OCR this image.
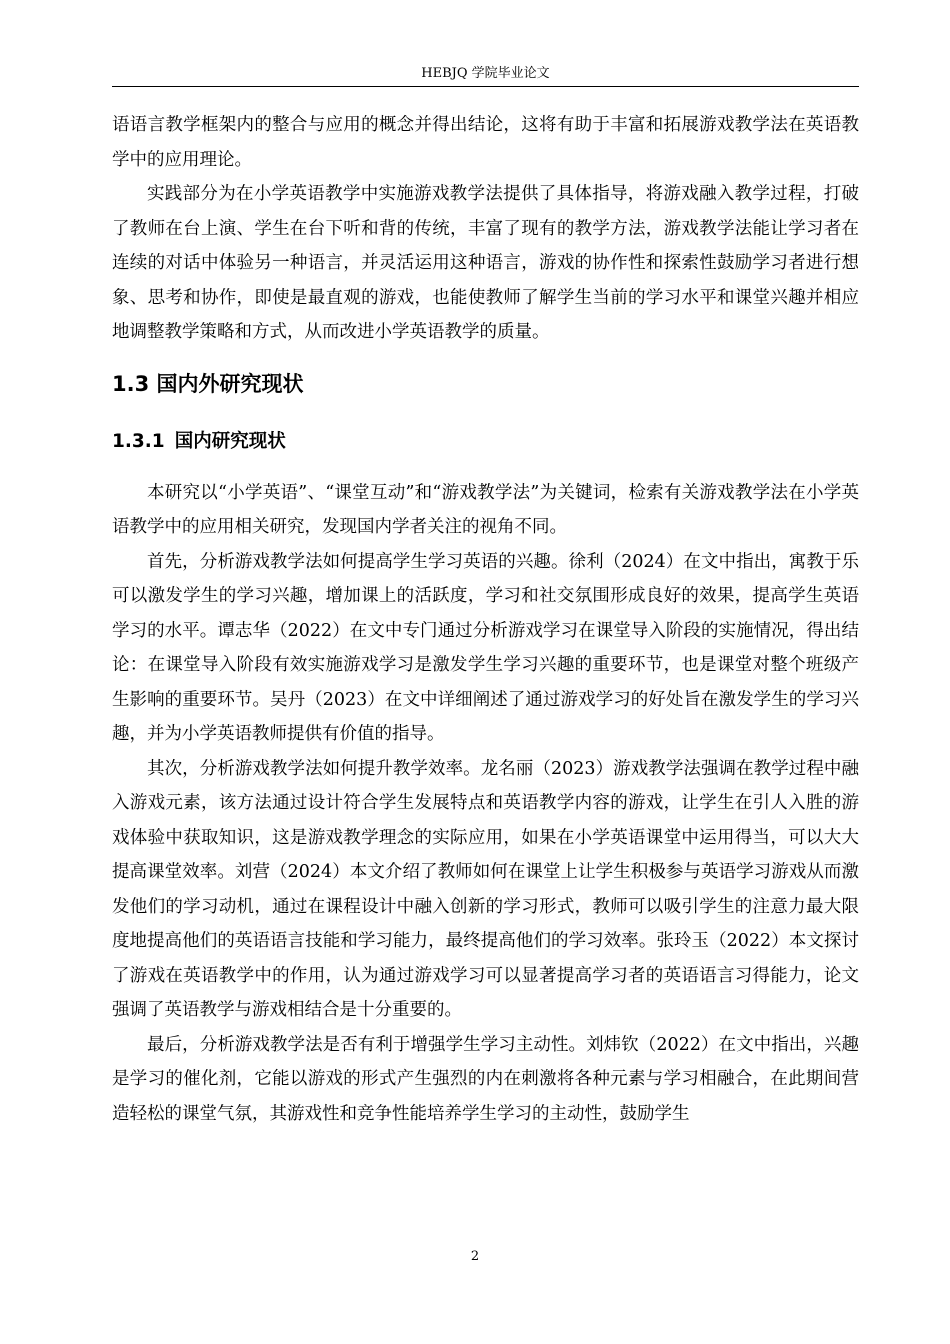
HEBJQ 学院毕业论文

语语言教学框架内的整合与应用的概念并得出结论，这将有助于丰富和拓展游戏教学法在英语教学中的应用理论。

实践部分为在小学英语教学中实施游戏教学法提供了具体指导，将游戏融入教学过程，打破了教师在台上演、学生在台下听和背的传统，丰富了现有的教学方法，游戏教学法能让学习者在连续的对话中体验另一种语言，并灵活运用这种语言，游戏的协作性和探索性鼓励学习者进行想象、思考和协作，即使是最直观的游戏，也能使教师了解学生当前的学习水平和课堂兴趣并相应地调整教学策略和方式，从而改进小学英语教学的质量。

1.3 国内外研究现状
1.3.1 国内研究现状

本研究以“小学英语”、“课堂互动”和“游戏教学法”为关键词，检索有关游戏教学法在小学英语教学中的应用相关研究，发现国内学者关注的视角不同。

首先，分析游戏教学法如何提高学生学习英语的兴趣。徐利（2024）在文中指出，寓教于乐可以激发学生的学习兴趣，增加课上的活跃度，学习和社交氛围形成良好的效果，提高学生英语学习的水平。谭志华（2022）在文中专门通过分析游戏学习在课堂导入阶段的实施情况，得出结论：在课堂导入阶段有效实施游戏学习是激发学生学习兴趣的重要环节，也是课堂对整个班级产生影响的重要环节。吴丹（2023）在文中详细阐述了通过游戏学习的好处旨在激发学生的学习兴趣，并为小学英语教师提供有价值的指导。

其次，分析游戏教学法如何提升教学效率。龙名丽（2023）游戏教学法强调在教学过程中融入游戏元素，该方法通过设计符合学生发展特点和英语教学内容的游戏，让学生在引人入胜的游戏体验中获取知识，这是游戏教学理念的实际应用，如果在小学英语课堂中运用得当，可以大大提高课堂效率。刘营（2024）本文介绍了教师如何在课堂上让学生积极参与英语学习游戏从而激发他们的学习动机，通过在课程设计中融入创新的学习形式，教师可以吸引学生的注意力最大限度地提高他们的英语语言技能和学习能力，最终提高他们的学习效率。张玲玉（2022）本文探讨了游戏在英语教学中的作用，认为通过游戏学习可以显著提高学习者的英语语言习得能力，论文强调了英语教学与游戏相结合是十分重要的。

最后，分析游戏教学法是否有利于增强学生学习主动性。刘炜钦（2022）在文中指出，兴趣是学习的催化剂，它能以游戏的形式产生强烈的内在刺激将各种元素与学习相融合，在此期间营造轻松的课堂气氛，其游戏性和竞争性能培养学生学习的主动性，鼓励学生

2
